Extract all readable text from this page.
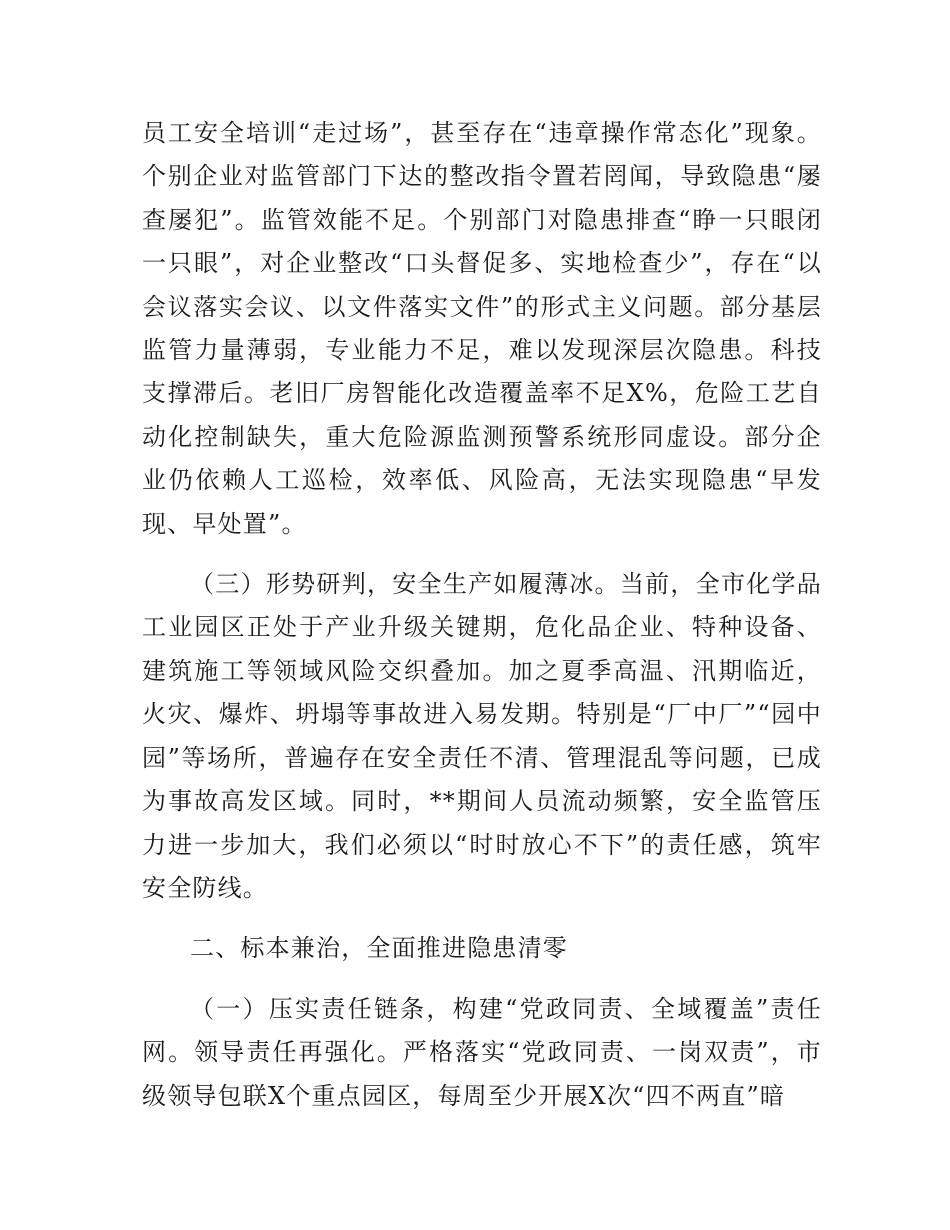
员工安全培训“走过场”，甚至存在“违章操作常态化”现象。个别企业对监管部门下达的整改指令置若罔闻，导致隐患“屡查屡犯”。监管效能不足。个别部门对隐患排查“睁一只眼闭一只眼”，对企业整改“口头督促多、实地检查少”，存在“以会议落实会议、以文件落实文件”的形式主义问题。部分基层监管力量薄弱，专业能力不足，难以发现深层次隐患。科技支撑滞后。老旧厂房智能化改造覆盖率不足X%，危险工艺自动化控制缺失，重大危险源监测预警系统形同虚设。部分企业仍依赖人工巡检，效率低、风险高，无法实现隐患“早发现、早处置”。

（三）形势研判，安全生产如履薄冰。当前，全市化学品工业园区正处于产业升级关键期，危化品企业、特种设备、建筑施工等领域风险交织叠加。加之夏季高温、汛期临近，火灾、爆炸、坍塌等事故进入易发期。特别是“厂中厂”“园中园”等场所，普遍存在安全责任不清、管理混乱等问题，已成为事故高发区域。同时，**期间人员流动频繁，安全监管压力进一步加大，我们必须以“时时放心不下”的责任感，筑牢安全防线。

二、标本兼治，全面推进隐患清零

（一）压实责任链条，构建“党政同责、全域覆盖”责任网。领导责任再强化。严格落实“党政同责、一岗双责”，市级领导包联X个重点园区，每周至少开展X次“四不两直”暗
